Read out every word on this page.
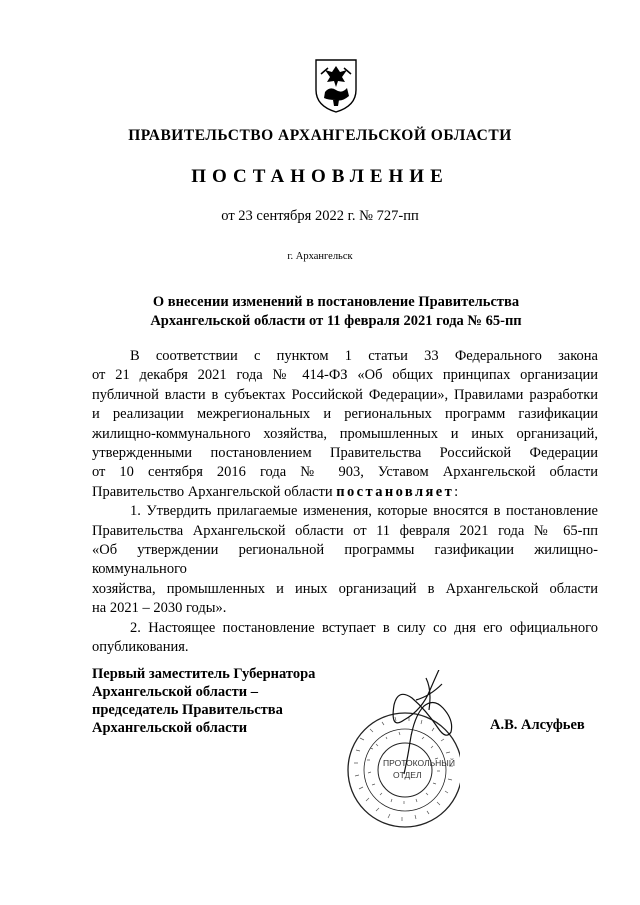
ПРАВИТЕЛЬСТВО АРХАНГЕЛЬСКОЙ ОБЛАСТИ
ПОСТАНОВЛЕНИЕ
от 23 сентября 2022 г. № 727-пп
г. Архангельск
О внесении изменений в постановление Правительства
Архангельской области от 11 февраля 2021 года № 65-пп

В соответствии с пунктом 1 статьи 33 Федерального закона

от 21 декабря 2021 года № 414-ФЗ «Об общих принципах организации

публичной власти в субъектах Российской Федерации», Правилами разработки

и реализации межрегиональных и региональных программ газификации

жилищно-коммунального хозяйства, промышленных и иных организаций,

утвержденными постановлением Правительства Российской Федерации

от 10 сентября 2016 года № 903, Уставом Архангельской области

Правительство Архангельской области постановляет:

1. Утвердить прилагаемые изменения, которые вносятся в постановление

Правительства Архангельской области от 11 февраля 2021 года № 65-пп

«Об утверждении региональной программы газификации жилищно-коммунального

хозяйства, промышленных и иных организаций в Архангельской области

на 2021 – 2030 годы».

2. Настоящее постановление вступает в силу со дня его официального

опубликования.

ПРОТОКОЛЬНЫЙ
ОТДЕЛ
Первый заместитель Губернатора
Архангельской области –
председатель Правительства
Архангельской области	А.В. Алсуфьев
